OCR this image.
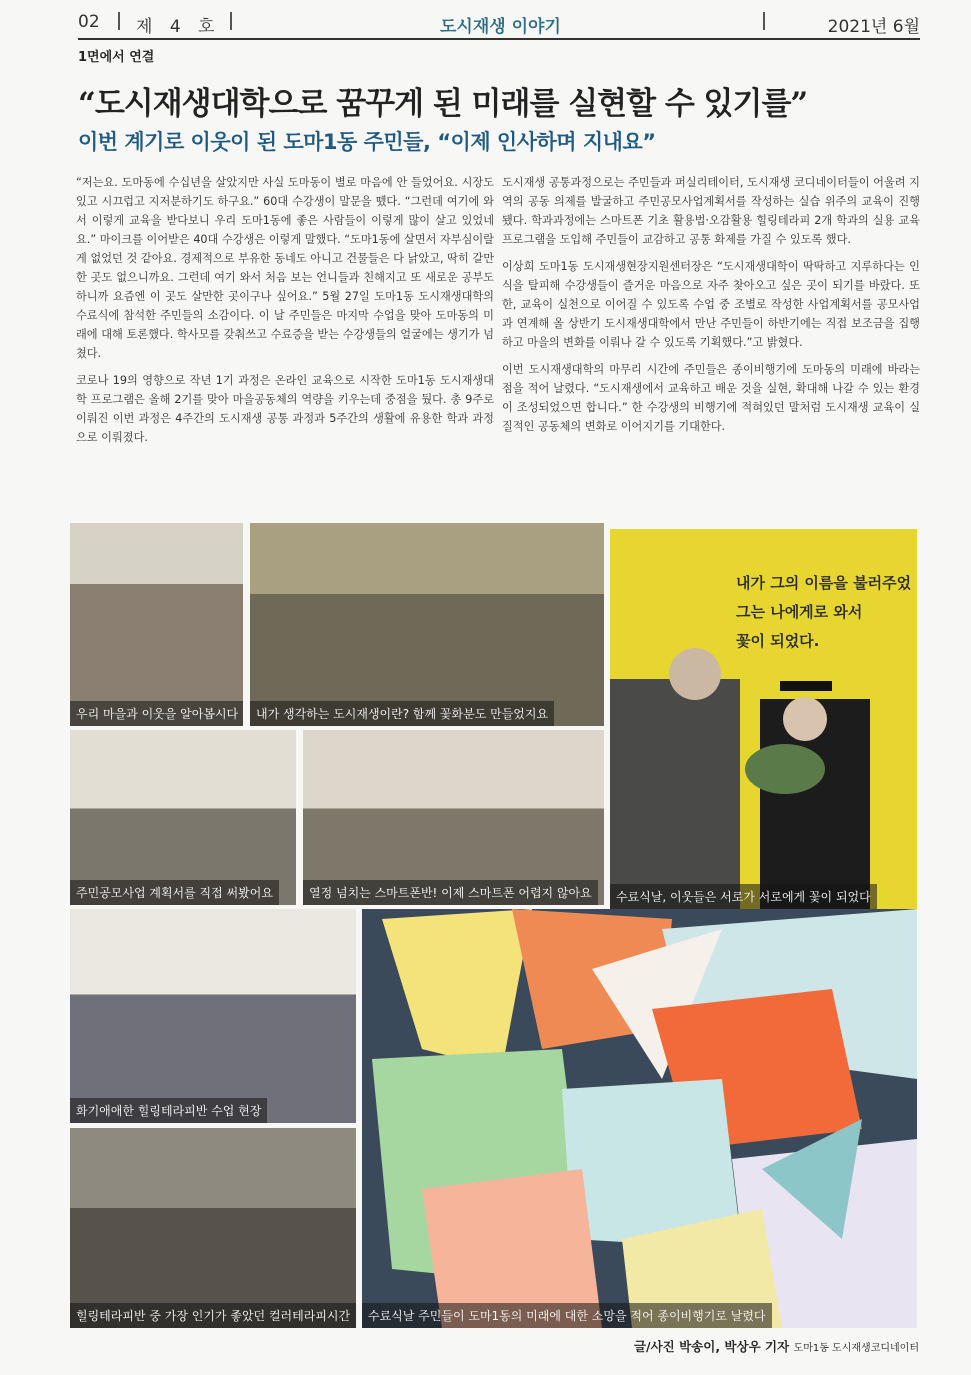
02 제 4 호	도시재생 이야기	2021년 6월
1면에서 연결
“도시재생대학으로 꿈꾸게 된 미래를 실현할 수 있기를”
이번 계기로 이웃이 된 도마1동 주민들, “이제 인사하며 지내요”

“저는요. 도마동에 수십년을 살았지만 사실 도마동이 별로 마음에 안 들었어요. 시장도 있고 시끄럽고 지저분하기도 하구요.” 60대 수강생이 말문을 뗐다. “그런데 여기에 와서 이렇게 교육을 받다보니 우리 도마1동에 좋은 사람들이 이렇게 많이 살고 있었네요.” 마이크를 이어받은 40대 수강생은 이렇게 말했다. “도마1동에 살면서 자부심이랄게 없었던 것 같아요. 경제적으로 부유한 동네도 아니고 건물들은 다 낡았고, 딱히 갈만한 곳도 없으니까요. 그런데 여기 와서 처음 보는 언니들과 친해지고 또 새로운 공부도 하니까 요즘엔 이 곳도 살만한 곳이구나 싶어요.” 5월 27일 도마1동 도시재생대학의 수료식에 참석한 주민들의 소감이다. 이 날 주민들은 마지막 수업을 맞아 도마동의 미래에 대해 토론했다. 학사모를 갖춰쓰고 수료증을 받는 수강생들의 얼굴에는 생기가 넘쳤다.

코로나 19의 영향으로 작년 1기 과정은 온라인 교육으로 시작한 도마1동 도시재생대학 프로그램은 올해 2기를 맞아 마을공동체의 역량을 키우는데 중점을 뒀다. 총 9주로 이뤄진 이번 과정은 4주간의 도시재생 공통 과정과 5주간의 생활에 유용한 학과 과정으로 이뤄졌다.

도시재생 공통과정으로는 주민들과 퍼실리테이터, 도시재생 코디네이터들이 어울려 지역의 공동 의제를 발굴하고 주민공모사업계획서를 작성하는 실습 위주의 교육이 진행됐다. 학과과정에는 스마트폰 기초 활용법·오감활용 힐링테라피 2개 학과의 실용 교육 프로그램을 도입해 주민들이 교감하고 공통 화제를 가질 수 있도록 했다.

이상희 도마1동 도시재생현장지원센터장은 “도시재생대학이 딱딱하고 지루하다는 인식을 탈피해 수강생들이 즐거운 마음으로 자주 찾아오고 싶은 곳이 되기를 바랐다. 또한, 교육이 실천으로 이어질 수 있도록 수업 중 조별로 작성한 사업계획서를 공모사업과 연계해 올 상반기 도시재생대학에서 만난 주민들이 하반기에는 직접 보조금을 집행하고 마을의 변화를 이뤄나 갈 수 있도록 기획했다.”고 밝혔다.

이번 도시재생대학의 마무리 시간에 주민들은 종이비행기에 도마동의 미래에 바라는 점을 적어 날렸다. “도시재생에서 교육하고 배운 것을 실현, 확대해 나갈 수 있는 환경이 조성되었으면 합니다.” 한 수강생의 비행기에 적혀있던 말처럼 도시재생 교육이 실질적인 공동체의 변화로 이어지기를 기대한다.

우리 마을과 이웃을 알아봅시다	내가 생각하는 도시재생이란? 함께 꽃화분도 만들었지요
내가 그의 이름을 불러주었
그는 나에게로 와서
꽃이 되었다.
수료식날, 이웃들은 서로가 서로에게 꽃이 되었다
주민공모사업 계획서를 직접 써봤어요	열정 넘치는 스마트폰반! 이제 스마트폰 어렵지 않아요
화기애애한 힐링테라피반 수업 현장
힐링테라피반 중 가장 인기가 좋았던 컬러테라피시간	수료식날 주민들이 도마1동의 미래에 대한 소망을 적어 종이비행기로 날렸다
글/사진 박송이, 박상우 기자 도마1동 도시재생코디네이터
